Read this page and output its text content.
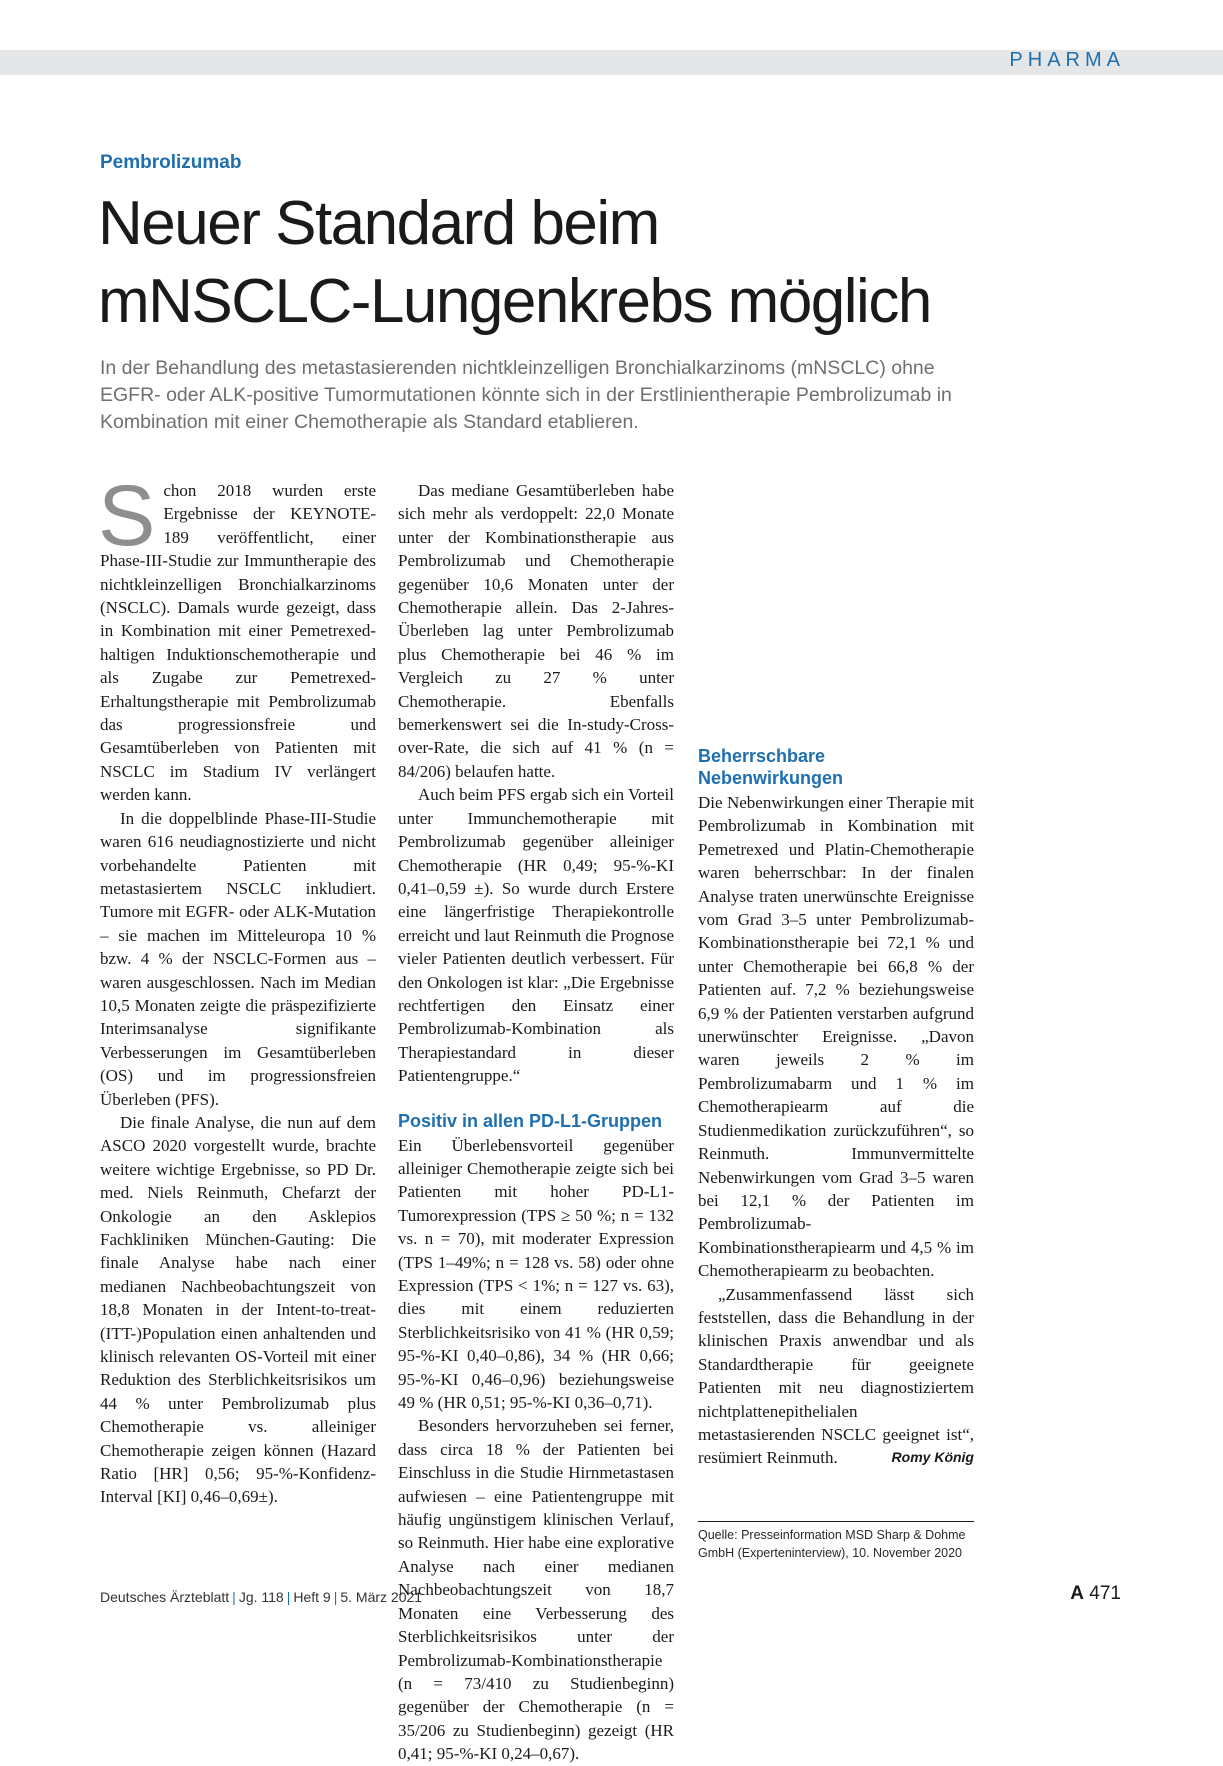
PHARMA
Pembrolizumab
Neuer Standard beim
mNSCLC-Lungenkrebs möglich

In der Behandlung des metastasierenden nichtkleinzelligen Bronchialkarzinoms (mNSCLC) ohne EGFR- oder ALK-positive Tumormutationen könnte sich in der Erstlinientherapie Pembrolizumab in Kombination mit einer Chemotherapie als Standard etablieren.

Schon 2018 wurden erste Ergebnisse der KEYNOTE-189 veröffentlicht, einer Phase-III-Studie zur Immuntherapie des nichtkleinzelligen Bronchialkarzinoms (NSCLC). Damals wurde gezeigt, dass in Kombination mit einer Pemetrexed-haltigen Induktionschemotherapie und als Zugabe zur Pemetrexed-Erhaltungstherapie mit Pembrolizumab das progressionsfreie und Gesamtüberleben von Patienten mit NSCLC im Stadium IV verlängert werden kann.

In die doppelblinde Phase-III-Studie waren 616 neudiagnostizierte und nicht vorbehandelte Patienten mit metastasiertem NSCLC inkludiert. Tumore mit EGFR- oder ALK-Mutation – sie machen im Mitteleuropa 10 % bzw. 4 % der NSCLC-Formen aus – waren ausgeschlossen. Nach im Median 10,5 Monaten zeigte die präspezifizierte Interimsanalyse signifikante Verbesserungen im Gesamtüberleben (OS) und im progressionsfreien Überleben (PFS).

Die finale Analyse, die nun auf dem ASCO 2020 vorgestellt wurde, brachte weitere wichtige Ergebnisse, so PD Dr. med. Niels Reinmuth, Chefarzt der Onkologie an den Asklepios Fachkliniken München-Gauting: Die finale Analyse habe nach einer medianen Nachbeobachtungszeit von 18,8 Monaten in der Intent-to-treat-(ITT-)Population einen anhaltenden und klinisch relevanten OS-Vorteil mit einer Reduktion des Sterblichkeitsrisikos um 44 % unter Pembrolizumab plus Chemotherapie vs. alleiniger Chemotherapie zeigen können (Hazard Ratio [HR] 0,56; 95-%-Konfidenz-Interval [KI] 0,46–0,69±).

Das mediane Gesamtüberleben habe sich mehr als verdoppelt: 22,0 Monate unter der Kombinationstherapie aus Pembrolizumab und Chemotherapie gegenüber 10,6 Monaten unter der Chemotherapie allein. Das 2-Jahres-Überleben lag unter Pembrolizumab plus Chemotherapie bei 46 % im Vergleich zu 27 % unter Chemotherapie. Ebenfalls bemerkenswert sei die In-study-Cross-over-Rate, die sich auf 41 % (n = 84/206) belaufen hatte.

Auch beim PFS ergab sich ein Vorteil unter Immunchemotherapie mit Pembrolizumab gegenüber alleiniger Chemotherapie (HR 0,49; 95-%-KI 0,41–0,59 ±). So wurde durch Erstere eine längerfristige Therapiekontrolle erreicht und laut Reinmuth die Prognose vieler Patienten deutlich verbessert. Für den Onkologen ist klar: „Die Ergebnisse rechtfertigen den Einsatz einer Pembrolizumab-Kombination als Therapiestandard in dieser Patientengruppe.“

Positiv in allen PD-L1-Gruppen

Ein Überlebensvorteil gegenüber alleiniger Chemotherapie zeigte sich bei Patienten mit hoher PD-L1-Tumorexpression (TPS ≥ 50 %; n = 132 vs. n = 70), mit moderater Expression (TPS 1–49%; n = 128 vs. 58) oder ohne Expression (TPS < 1%; n = 127 vs. 63), dies mit einem reduzierten Sterblichkeitsrisiko von 41 % (HR 0,59; 95-%-KI 0,40–0,86), 34 % (HR 0,66; 95-%-KI 0,46–0,96) beziehungsweise 49 % (HR 0,51; 95-%-KI 0,36–0,71).

Besonders hervorzuheben sei ferner, dass circa 18 % der Patienten bei Einschluss in die Studie Hirnmetastasen aufwiesen – eine Patientengruppe mit häufig ungünstigem klinischen Verlauf, so Reinmuth. Hier habe eine explorative Analyse nach einer medianen Nachbeobachtungszeit von 18,7 Monaten eine Verbesserung des Sterblichkeitsrisikos unter der Pembrolizumab-Kombinationstherapie (n = 73/410 zu Studienbeginn) gegenüber der Chemotherapie (n = 35/206 zu Studienbeginn) gezeigt (HR 0,41; 95-%-KI 0,24–0,67).

Beherrschbare Nebenwirkungen

Die Nebenwirkungen einer Therapie mit Pembrolizumab in Kombination mit Pemetrexed und Platin-Chemotherapie waren beherrschbar: In der finalen Analyse traten unerwünschte Ereignisse vom Grad 3–5 unter Pembrolizumab-Kombinationstherapie bei 72,1 % und unter Chemotherapie bei 66,8 % der Patienten auf. 7,2 % beziehungsweise 6,9 % der Patienten verstarben aufgrund unerwünschter Ereignisse. „Davon waren jeweils 2 % im Pembrolizumabarm und 1 % im Chemotherapiearm auf die Studienmedikation zurückzuführen“, so Reinmuth. Immunvermittelte Nebenwirkungen vom Grad 3–5 waren bei 12,1 % der Patienten im Pembrolizumab-Kombinationstherapiearm und 4,5 % im Chemotherapiearm zu beobachten.

„Zusammenfassend lässt sich feststellen, dass die Behandlung in der klinischen Praxis anwendbar und als Standardtherapie für geeignete Patienten mit neu diagnostiziertem nichtplattenepithelialen metastasierenden NSCLC geeignet ist“, resümiert Reinmuth.	Romy König

Quelle: Presseinformation MSD Sharp & Dohme GmbH (Experteninterview), 10. November 2020
Deutsches Ärzteblatt | Jg. 118 | Heft 9 | 5. März 2021	A 471
